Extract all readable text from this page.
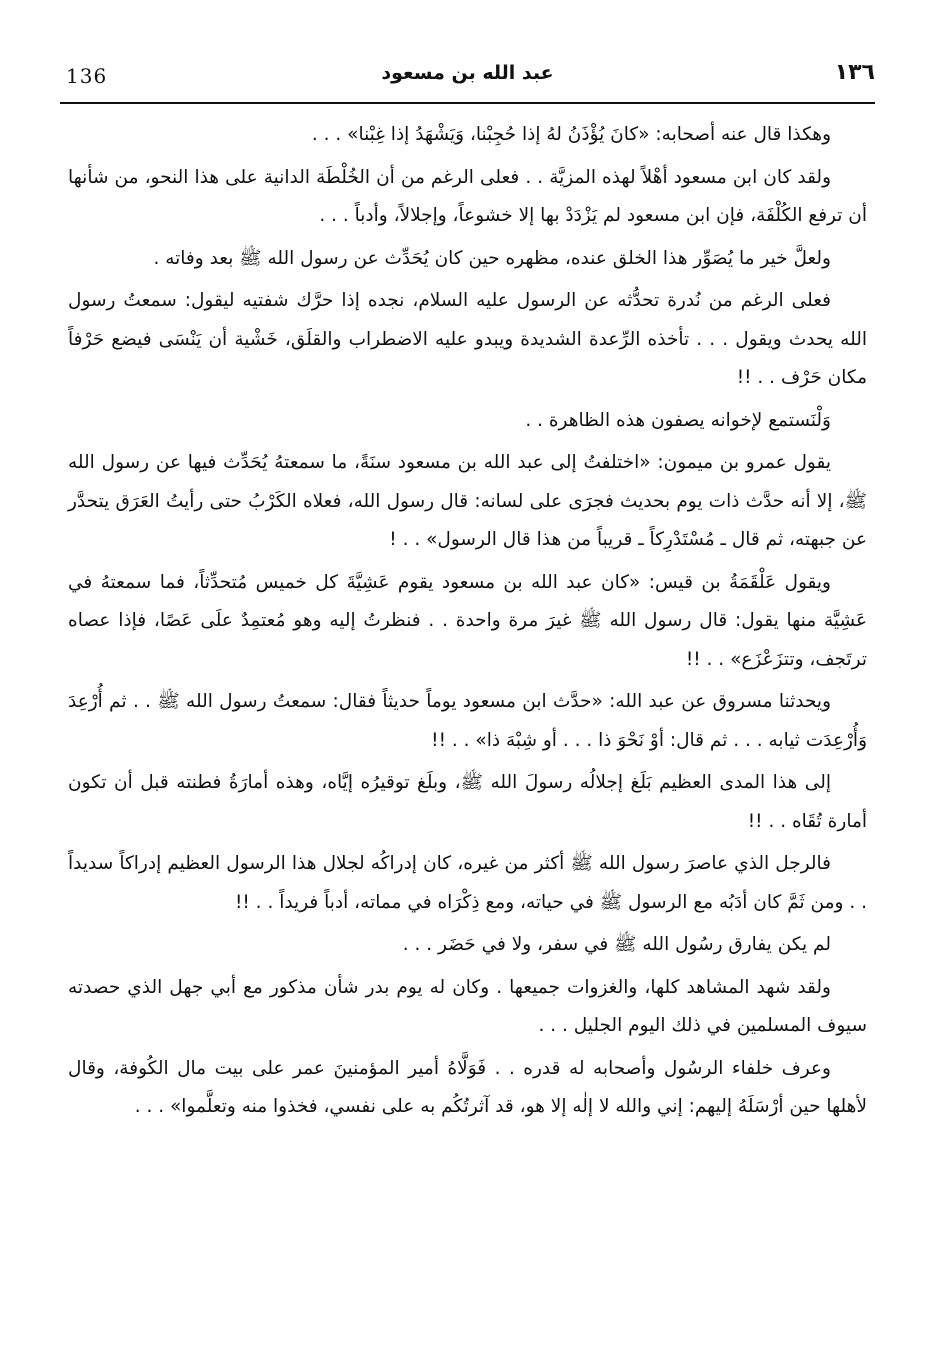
136	عبد الله بن مسعود	١٣٦

وهكذا قال عنه أصحابه: «كانَ يُؤْذَنُ لهُ إذا حُجِبْنا، وَيَشْهَدُ إذا غِبْنا» . . .

ولقد كان ابن مسعود أهْلاً لهذه المزيَّة . . فعلى الرغم من أن الخُلْطَة الدانية على هذا النحو، من شأنها أن ترفع الكُلْفَة، فإن ابن مسعود لم يَزْدَدْ بها إلا خشوعاً، وإجلالاً، وأدباً . . .

ولعلَّ خير ما يُصَوِّر هذا الخلق عنده، مظهره حين كان يُحَدِّث عن رسول الله ﷺ بعد وفاته .

فعلى الرغم من نُدرة تحدُّثه عن الرسول عليه السلام، نجده إذا حرَّك شفتيه ليقول: سمعتُ رسول الله يحدث ويقول . . . تأخذه الرِّعدة الشديدة ويبدو عليه الاضطراب والقلَق، خَشْية أن يَنْسَى فيضع حَرْفاً مكان حَرْف . . !!

وَلْنَستمع لإخوانه يصفون هذه الظاهرة . .

يقول عمرو بن ميمون: «اختلفتُ إلى عبد الله بن مسعود سنَةً، ما سمعتهُ يُحَدِّث فيها عن رسول الله ﷺ، إلا أنه حدَّث ذات يوم بحديث فجرَى على لسانه: قال رسول الله، فعلاه الكَرْبُ حتى رأيتُ العَرَق يتحدَّر عن جبهته، ثم قال ـ مُسْتَدْرِكاً ـ قريباً من هذا قال الرسول» . . !

ويقول عَلْقَمَةُ بن قيس: «كان عبد الله بن مسعود يقوم عَشِيَّةَ كل خميس مُتحدِّثاً، فما سمعتهُ في عَشِيَّة منها يقول: قال رسول الله ﷺ غيرَ مرة واحدة . . فنظرتُ إليه وهو مُعتمِدٌ علَى عَصًا، فإذا عصاه ترتَجف، وتتزَعْزَع» . . !!

ويحدثنا مسروق عن عبد الله: «حدَّث ابن مسعود يوماً حديثاً فقال: سمعتُ رسول الله ﷺ . . ثم أُرْعِدَ وَأُرْعِدَت ثيابه . . . ثم قال: أوْ نَحْوَ ذا . . . أو شِبْهَ ذا» . . !!

إلى هذا المدى العظيم بَلَغ إجلالُه رسولَ الله ﷺ، وبلَغ توقيرُه إيَّاه، وهذه أمارَةُ فطنته قبل أن تكون أمارة تُقَاه . . !!

فالرجل الذي عاصرَ رسول الله ﷺ أكثر من غيره، كان إدراكُه لجلال هذا الرسول العظيم إدراكاً سديداً . . ومن ثَمَّ كان أدَبُه مع الرسول ﷺ في حياته، ومع ذِكْرَاه في مماته، أدباً فريداً . . !!

لم يكن يفارق رسُول الله ﷺ في سفر، ولا في حَضَر . . .

ولقد شهد المشاهد كلها، والغزوات جميعها . وكان له يوم بدر شأن مذكور مع أبي جهل الذي حصدته سيوف المسلمين في ذلك اليوم الجليل . . .

وعرف خلفاء الرسُول وأصحابه له قدره . . فَوَلَّاهُ أمير المؤمنينَ عمر على بيت مال الكُوفة، وقال لأهلها حين أرْسَلَهُ إليهم: إني والله لا إلٰه إلا هو، قد آثرتُكُم به على نفسي، فخذوا منه وتعلَّموا» . . .
